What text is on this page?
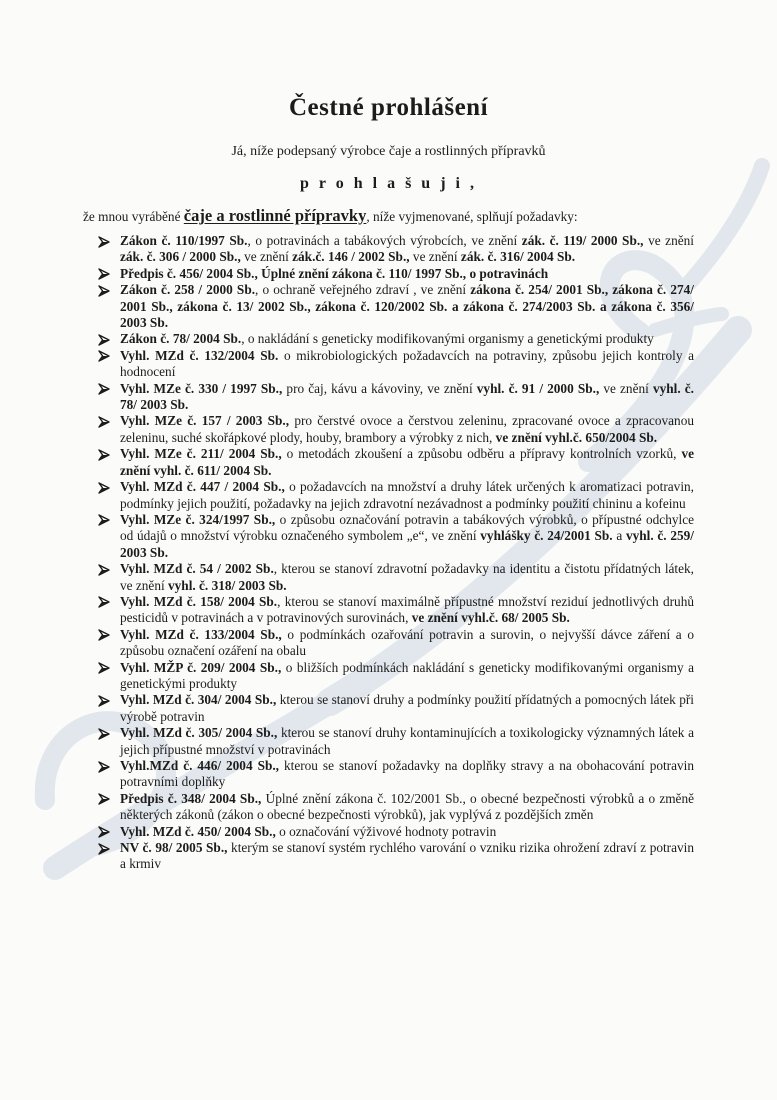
Čestné prohlášení

Já, níže podepsaný výrobce čaje a rostlinných přípravků

p r o h l a š u j i ,

že mnou vyráběné čaje a rostlinné přípravky, níže vyjmenované, splňují požadavky:

Zákon č. 110/1997 Sb., o potravinách a tabákových výrobcích, ve znění zák. č. 119/ 2000 Sb., ve znění zák. č. 306 / 2000 Sb., ve znění zák.č. 146 / 2002 Sb., ve znění zák. č. 316/ 2004 Sb.
Předpis č. 456/ 2004 Sb., Úplné znění zákona č. 110/ 1997 Sb., o potravinách
Zákon č. 258 / 2000 Sb., o ochraně veřejného zdraví , ve znění zákona č. 254/ 2001 Sb., zákona č. 274/ 2001 Sb., zákona č. 13/ 2002 Sb., zákona č. 120/2002 Sb. a zákona č. 274/2003 Sb. a zákona č. 356/ 2003 Sb.
Zákon č. 78/ 2004 Sb., o nakládání s geneticky modifikovanými organismy a genetickými produkty
Vyhl. MZd č. 132/2004 Sb. o mikrobiologických požadavcích na potraviny, způsobu jejich kontroly a hodnocení
Vyhl. MZe č. 330 / 1997 Sb., pro čaj, kávu a kávoviny, ve znění vyhl. č. 91 / 2000 Sb., ve znění vyhl. č. 78/ 2003 Sb.
Vyhl. MZe č. 157 / 2003 Sb., pro čerstvé ovoce a čerstvou zeleninu, zpracované ovoce a zpracovanou zeleninu, suché skořápkové plody, houby, brambory a výrobky z nich, ve znění vyhl.č. 650/2004 Sb.
Vyhl. MZe č. 211/ 2004 Sb., o metodách zkoušení a způsobu odběru a přípravy kontrolních vzorků, ve znění vyhl. č. 611/ 2004 Sb.
Vyhl. MZd č. 447 / 2004 Sb., o požadavcích na množství a druhy látek určených k aromatizaci potravin, podmínky jejich použití, požadavky na jejich zdravotní nezávadnost a podmínky použití chininu a kofeinu
Vyhl. MZe č. 324/1997 Sb., o způsobu označování potravin a tabákových výrobků, o přípustné odchylce od údajů o množství výrobku označeného symbolem „e“, ve znění vyhlášky č. 24/2001 Sb. a vyhl. č. 259/ 2003 Sb.
Vyhl. MZd č. 54 / 2002 Sb., kterou se stanoví zdravotní požadavky na identitu a čistotu přídatných látek, ve znění vyhl. č. 318/ 2003 Sb.
Vyhl. MZd č. 158/ 2004 Sb., kterou se stanoví maximálně přípustné množství reziduí jednotlivých druhů pesticidů v potravinách a v potravinových surovinách, ve znění vyhl.č. 68/ 2005 Sb.
Vyhl. MZd č. 133/2004 Sb., o podmínkách ozařování potravin a surovin, o nejvyšší dávce záření a o způsobu označení ozáření na obalu
Vyhl. MŽP č. 209/ 2004 Sb., o bližších podmínkách nakládání s geneticky modifikovanými organismy a genetickými produkty
Vyhl. MZd č. 304/ 2004 Sb., kterou se stanoví druhy a podmínky použití přídatných a pomocných látek při výrobě potravin
Vyhl. MZd č. 305/ 2004 Sb., kterou se stanoví druhy kontaminujících a toxikologicky významných látek a jejich přípustné množství v potravinách
Vyhl.MZd č. 446/ 2004 Sb., kterou se stanoví požadavky na doplňky stravy a na obohacování potravin potravními doplňky
Předpis č. 348/ 2004 Sb., Úplné znění zákona č. 102/2001 Sb., o obecné bezpečnosti výrobků a o změně některých zákonů (zákon o obecné bezpečnosti výrobků), jak vyplývá z pozdějších změn
Vyhl. MZd č. 450/ 2004 Sb., o označování výživové hodnoty potravin
NV č. 98/ 2005 Sb., kterým se stanoví systém rychlého varování o vzniku rizika ohrožení zdraví z potravin a krmiv
